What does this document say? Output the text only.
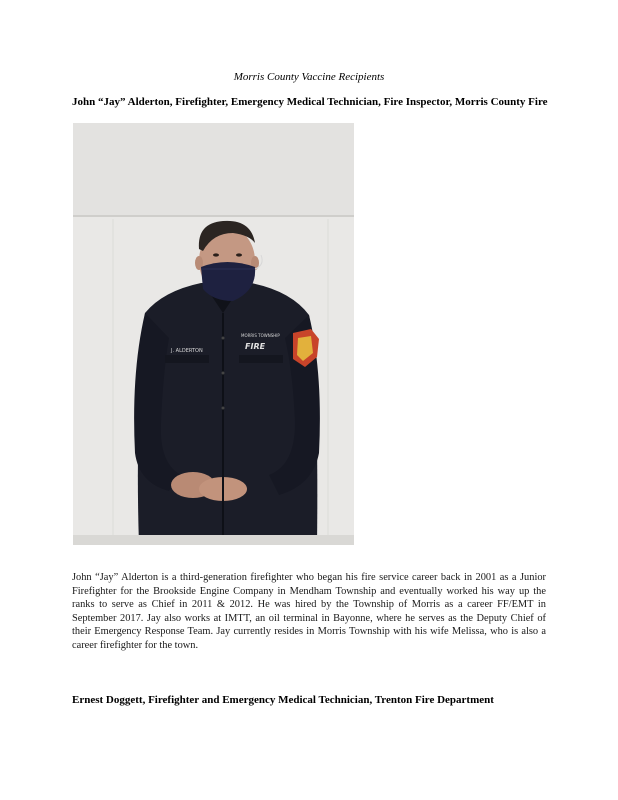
Morris County Vaccine Recipients
John “Jay” Alderton, Firefighter, Emergency Medical Technician, Fire Inspector, Morris County Fire
J. ALDERTON
MORRIS TOWNSHIP
FIRE
John “Jay” Alderton is a third-generation firefighter who began his fire service career back in 2001 as a Junior Firefighter for the Brookside Engine Company in Mendham Township and eventually worked his way up the ranks to serve as Chief in 2011 & 2012. He was hired by the Township of Morris as a career FF/EMT in September 2017. Jay also works at IMTT, an oil terminal in Bayonne, where he serves as the Deputy Chief of their Emergency Response Team. Jay currently resides in Morris Township with his wife Melissa, who is also a career firefighter for the town.
Ernest Doggett, Firefighter and Emergency Medical Technician, Trenton Fire Department
